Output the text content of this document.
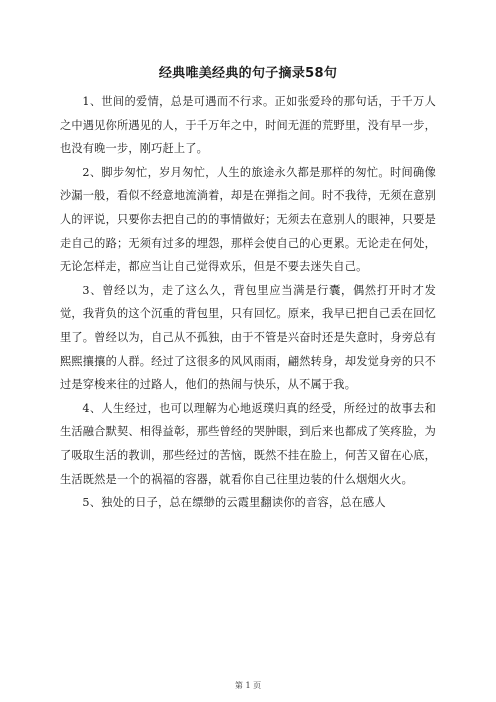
经典唯美经典的句子摘录58句

1、世间的爱情，总是可遇而不行求。正如张爱玲的那句话，于千万人之中遇见你所遇见的人，于千万年之中，时间无涯的荒野里，没有早一步，也没有晚一步，刚巧赶上了。

2、脚步匆忙，岁月匆忙，人生的旅途永久都是那样的匆忙。时间确像沙漏一般，看似不经意地流淌着，却是在弹指之间。时不我待，无须在意别人的评说，只要你去把自己的的事情做好；无须去在意别人的眼神，只要是走自己的路；无须有过多的埋怨，那样会使自己的心更累。无论走在何处，无论怎样走，都应当让自己觉得欢乐，但是不要去迷失自己。

3、曾经以为，走了这么久，背包里应当满是行囊，偶然打开时才发觉，我背负的这个沉重的背包里，只有回忆。原来，我早已把自己丢在回忆里了。曾经以为，自己从不孤独，由于不管是兴奋时还是失意时，身旁总有熙熙攘攘的人群。经过了这很多的风风雨雨，翩然转身，却发觉身旁的只不过是穿梭来往的过路人，他们的热闹与快乐，从不属于我。

4、人生经过，也可以理解为心地返璞归真的经受，所经过的故事去和生活融合默契、相得益彰，那些曾经的哭肿眼，到后来也都成了笑疼脸，为了吸取生活的教训，那些经过的苦恼，既然不挂在脸上，何苦又留在心底，生活既然是一个的祸福的容器，就看你自己往里边装的什么烟烟火火。

5、独处的日子，总在缥缈的云霞里翻读你的音容，总在感人

第 1 页
